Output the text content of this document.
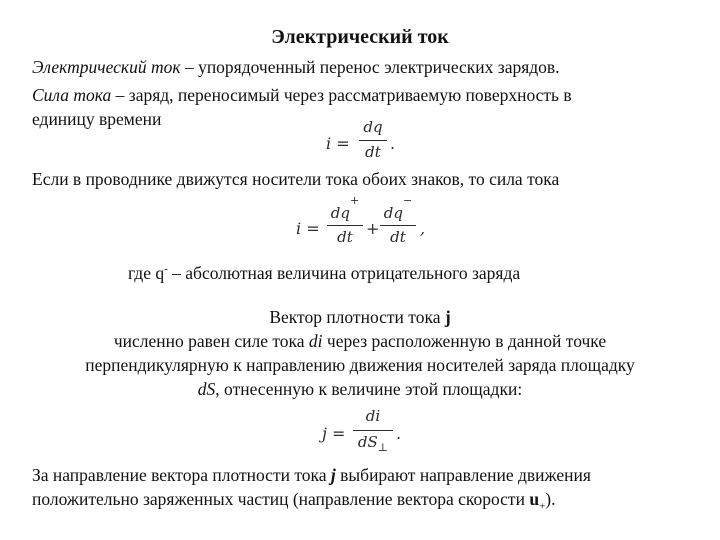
Электрический ток
Электрический ток – упорядоченный перенос электрических зарядов.
Сила тока – заряд, переносимый через рассматриваемую поверхность в
единицу времени
i =
dq
dt .
Если в проводнике движутся носители тока обоих знаков, то сила тока
i =
dq+
dt +
dq−
dt ,
где q- – абсолютная величина отрицательного заряда
Вектор плотности тока j
численно равен силе тока di через расположенную в данной точке
перпендикулярную к направлению движения носителей заряда площадку
dS, отнесенную к величине этой площадки:
j =
di
$dS_\perp$
.
За направление вектора плотности тока j выбирают направление движения
положительно заряженных частиц (направление вектора скорости $u_+$).
